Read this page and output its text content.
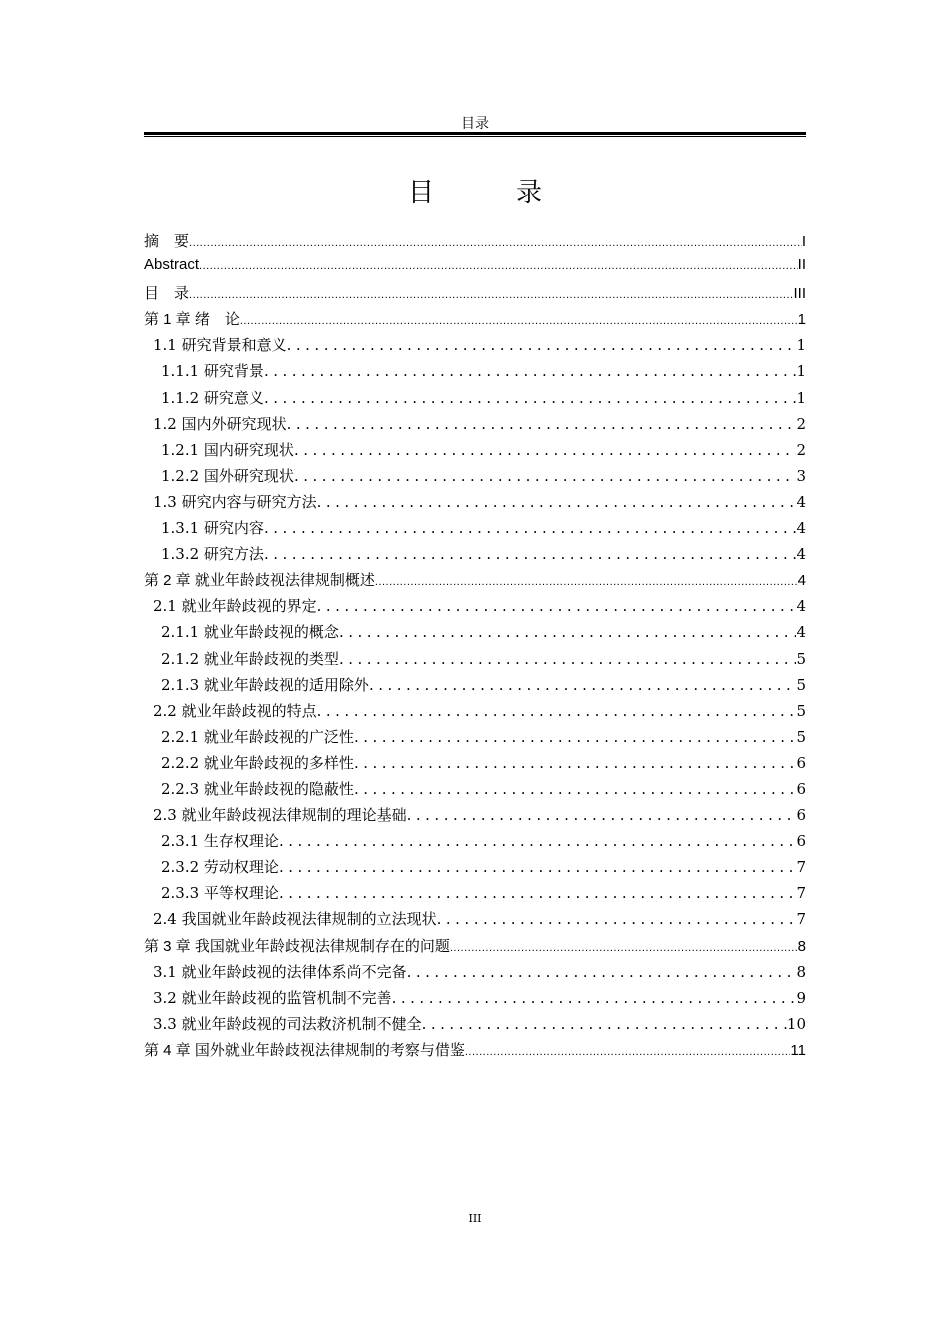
目录
目　录
摘　要 .....	I
Abstract .....	II
目　录 .....	III
第 1 章 绪　论 .....	1
1.1 研究背景和意义 .....	1
1.1.1 研究背景 .....	1
1.1.2 研究意义 .....	1
1.2 国内外研究现状 .....	2
1.2.1 国内研究现状 .....	2
1.2.2 国外研究现状 .....	3
1.3 研究内容与研究方法 .....	4
1.3.1 研究内容 .....	4
1.3.2 研究方法 .....	4
第 2 章 就业年龄歧视法律规制概述 .....	4
2.1 就业年龄歧视的界定 .....	4
2.1.1 就业年龄歧视的概念 .....	4
2.1.2 就业年龄歧视的类型 .....	5
2.1.3 就业年龄歧视的适用除外 .....	5
2.2 就业年龄歧视的特点 .....	5
2.2.1 就业年龄歧视的广泛性 .....	5
2.2.2 就业年龄歧视的多样性 .....	6
2.2.3 就业年龄歧视的隐蔽性 .....	6
2.3 就业年龄歧视法律规制的理论基础 .....	6
2.3.1 生存权理论 .....	6
2.3.2 劳动权理论 .....	7
2.3.3 平等权理论 .....	7
2.4 我国就业年龄歧视法律规制的立法现状 .....	7
第 3 章 我国就业年龄歧视法律规制存在的问题 .....	8
3.1 就业年龄歧视的法律体系尚不完备 .....	8
3.2 就业年龄歧视的监管机制不完善 .....	9
3.3 就业年龄歧视的司法救济机制不健全 .....	10
第 4 章 国外就业年龄歧视法律规制的考察与借鉴 .....	11
III
